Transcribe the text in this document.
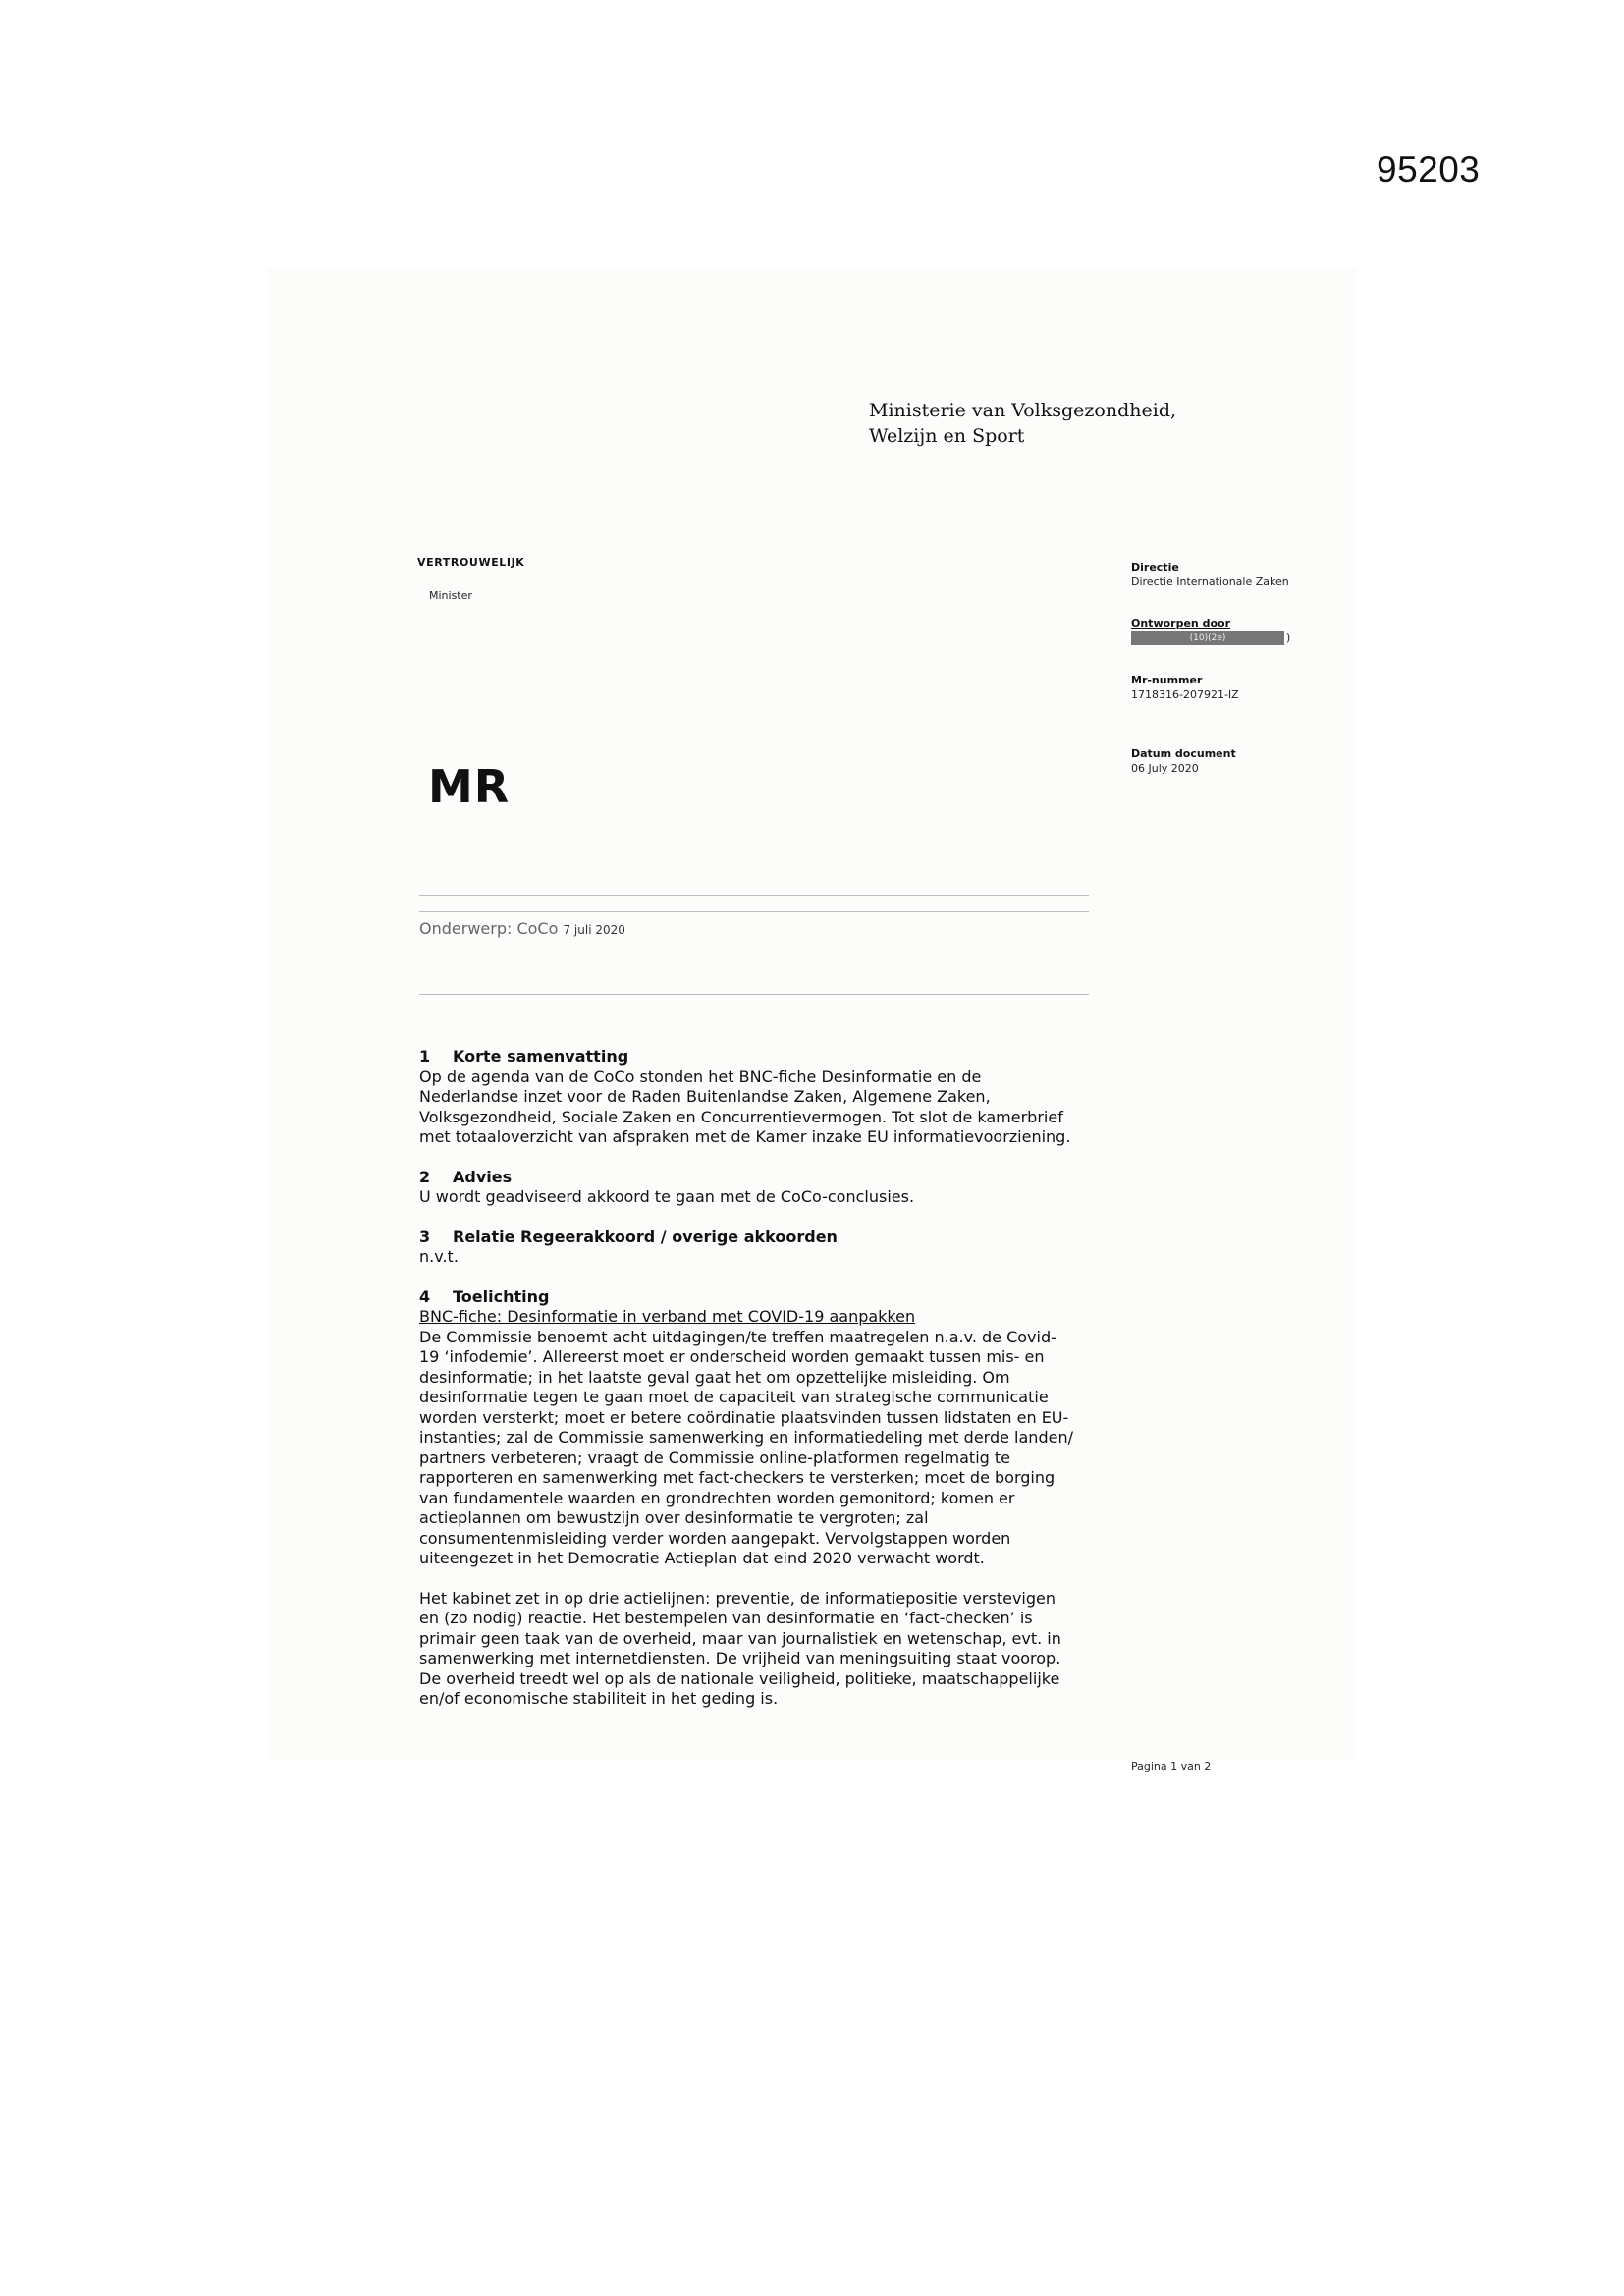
95203
Ministerie van Volksgezondheid,
Welzijn en Sport
VERTROUWELIJK
Minister
MR
Directie
Directie Internationale Zaken
Ontworpen door
(10)(2e)	)
Mr-nummer
1718316-207921-IZ
Datum document
06 July 2020
Onderwerp: CoCo 7 juli 2020
1 Korte samenvatting
Op de agenda van de CoCo stonden het BNC-fiche Desinformatie en de
Nederlandse inzet voor de Raden Buitenlandse Zaken, Algemene Zaken,
Volksgezondheid, Sociale Zaken en Concurrentievermogen. Tot slot de kamerbrief
met totaaloverzicht van afspraken met de Kamer inzake EU informatievoorziening.
2 Advies
U wordt geadviseerd akkoord te gaan met de CoCo-conclusies.
3 Relatie Regeerakkoord / overige akkoorden
n.v.t.
4 Toelichting
BNC-fiche: Desinformatie in verband met COVID-19 aanpakken
De Commissie benoemt acht uitdagingen/te treffen maatregelen n.a.v. de Covid-
19 ‘infodemie’. Allereerst moet er onderscheid worden gemaakt tussen mis- en
desinformatie; in het laatste geval gaat het om opzettelijke misleiding. Om
desinformatie tegen te gaan moet de capaciteit van strategische communicatie
worden versterkt; moet er betere coördinatie plaatsvinden tussen lidstaten en EU-
instanties; zal de Commissie samenwerking en informatiedeling met derde landen/
partners verbeteren; vraagt de Commissie online-platformen regelmatig te
rapporteren en samenwerking met fact-checkers te versterken; moet de borging
van fundamentele waarden en grondrechten worden gemonitord; komen er
actieplannen om bewustzijn over desinformatie te vergroten; zal
consumentenmisleiding verder worden aangepakt. Vervolgstappen worden
uiteengezet in het Democratie Actieplan dat eind 2020 verwacht wordt.
Het kabinet zet in op drie actielijnen: preventie, de informatiepositie verstevigen
en (zo nodig) reactie. Het bestempelen van desinformatie en ‘fact-checken’ is
primair geen taak van de overheid, maar van journalistiek en wetenschap, evt. in
samenwerking met internetdiensten. De vrijheid van meningsuiting staat voorop.
De overheid treedt wel op als de nationale veiligheid, politieke, maatschappelijke
en/of economische stabiliteit in het geding is.
Pagina 1 van 2
